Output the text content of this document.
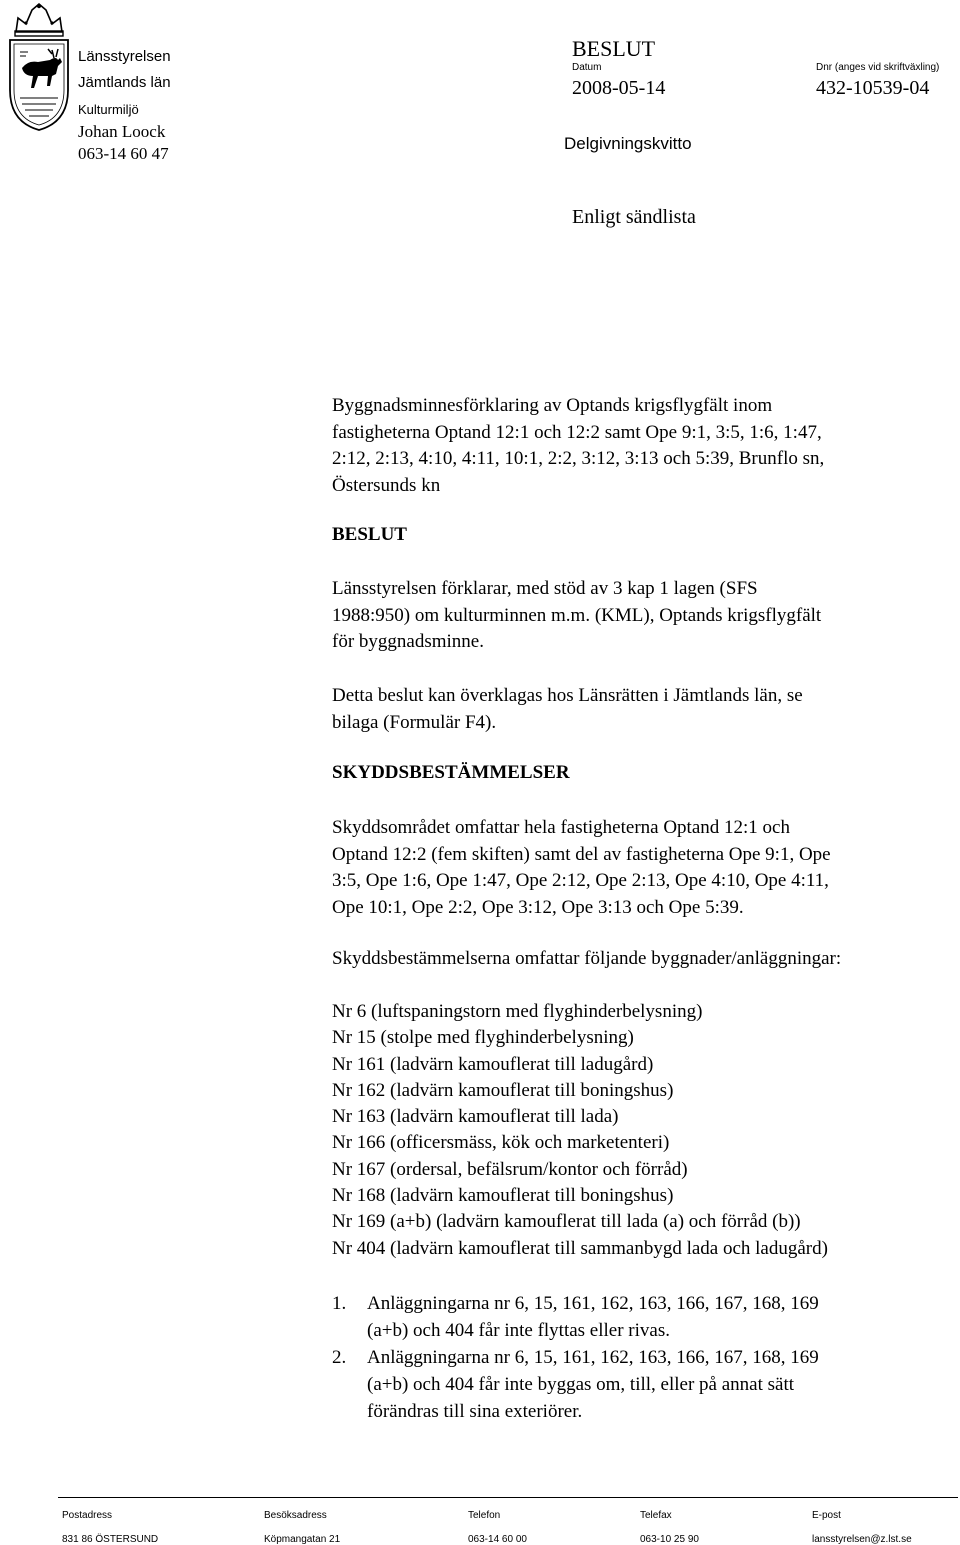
Länsstyrelsen
Jämtlands län
Kulturmiljö
Johan Loock
063-14 60 47
BESLUT
Datum	Dnr (anges vid skriftväxling)
2008-05-14	432-10539-04
Delgivningskvitto
Enligt sändlista
Byggnadsminnesförklaring av Optands krigsflygfält inom
fastigheterna Optand 12:1 och 12:2 samt Ope 9:1, 3:5, 1:6, 1:47,
2:12, 2:13, 4:10, 4:11, 10:1, 2:2, 3:12, 3:13 och 5:39, Brunflo sn,
Östersunds kn
BESLUT
Länsstyrelsen förklarar, med stöd av 3 kap 1 lagen (SFS
1988:950) om kulturminnen m.m. (KML), Optands krigsflygfält
för byggnadsminne.
Detta beslut kan överklagas hos Länsrätten i Jämtlands län, se
bilaga (Formulär F4).
SKYDDSBESTÄMMELSER
Skyddsområdet omfattar hela fastigheterna Optand 12:1 och
Optand 12:2 (fem skiften) samt del av fastigheterna Ope 9:1, Ope
3:5, Ope 1:6, Ope 1:47, Ope 2:12, Ope 2:13, Ope 4:10, Ope 4:11,
Ope 10:1, Ope 2:2, Ope 3:12, Ope 3:13 och Ope 5:39.
Skyddsbestämmelserna omfattar följande byggnader/anläggningar:
Nr 6 (luftspaningstorn med flyghinderbelysning)
Nr 15 (stolpe med flyghinderbelysning)
Nr 161 (ladvärn kamouflerat till ladugård)
Nr 162 (ladvärn kamouflerat till boningshus)
Nr 163 (ladvärn kamouflerat till lada)
Nr 166 (officersmäss, kök och marketenteri)
Nr 167 (ordersal, befälsrum/kontor och förråd)
Nr 168 (ladvärn kamouflerat till boningshus)
Nr 169 (a+b) (ladvärn kamouflerat till lada (a) och förråd (b))
Nr 404 (ladvärn kamouflerat till sammanbygd lada och ladugård)
1. Anläggningarna nr 6, 15, 161, 162, 163, 166, 167, 168, 169
(a+b) och 404 får inte flyttas eller rivas.
2. Anläggningarna nr 6, 15, 161, 162, 163, 166, 167, 168, 169
(a+b) och 404 får inte byggas om, till, eller på annat sätt
förändras till sina exteriörer.
Postadress	Besöksadress	Telefon	Telefax	E-post
831 86 ÖSTERSUND	Köpmangatan 21	063-14 60 00	063-10 25 90	lansstyrelsen@z.lst.se
